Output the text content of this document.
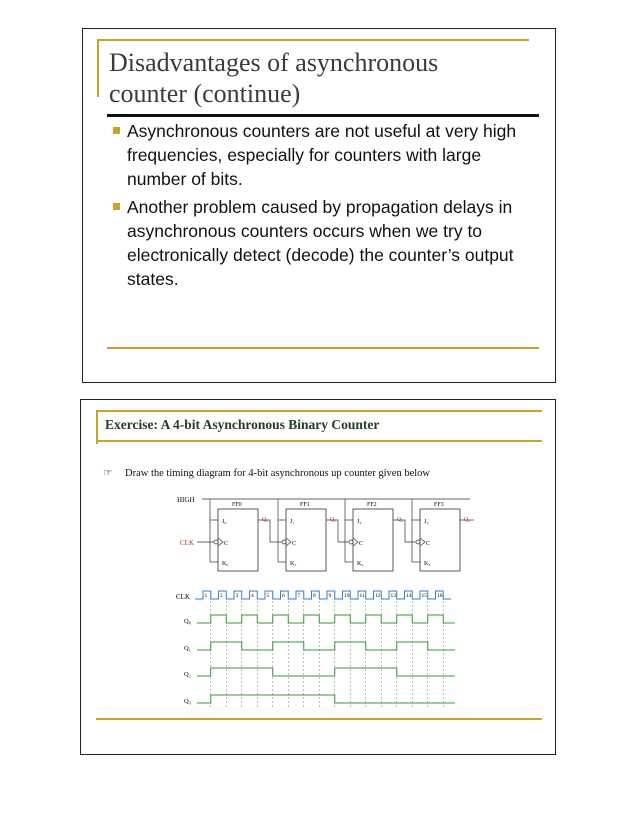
Disadvantages of asynchronous
counter (continue)
Asynchronous counters are not useful at very high frequencies, especially for counters with large number of bits.
Another problem caused by propagation delays in asynchronous counters occurs when we try to electronically detect (decode) the counter’s output states.
Exercise: A 4-bit Asynchronous Binary Counter
☞ Draw the timing diagram for 4-bit asynchronous up counter given below
HIGH
CLK
FF0
J₀
C
K₀
Q₀
FF1
J₁
C
K₁
Q₁
FF2
J₂
C
K₂
Q₂
FF3
J₃
C
K₃
Q₃
CLK	1 2 3 4 5 6 7 8 9 10 11 12 13 14 15 16
Q₀
Q₁
Q₂
Q₃
